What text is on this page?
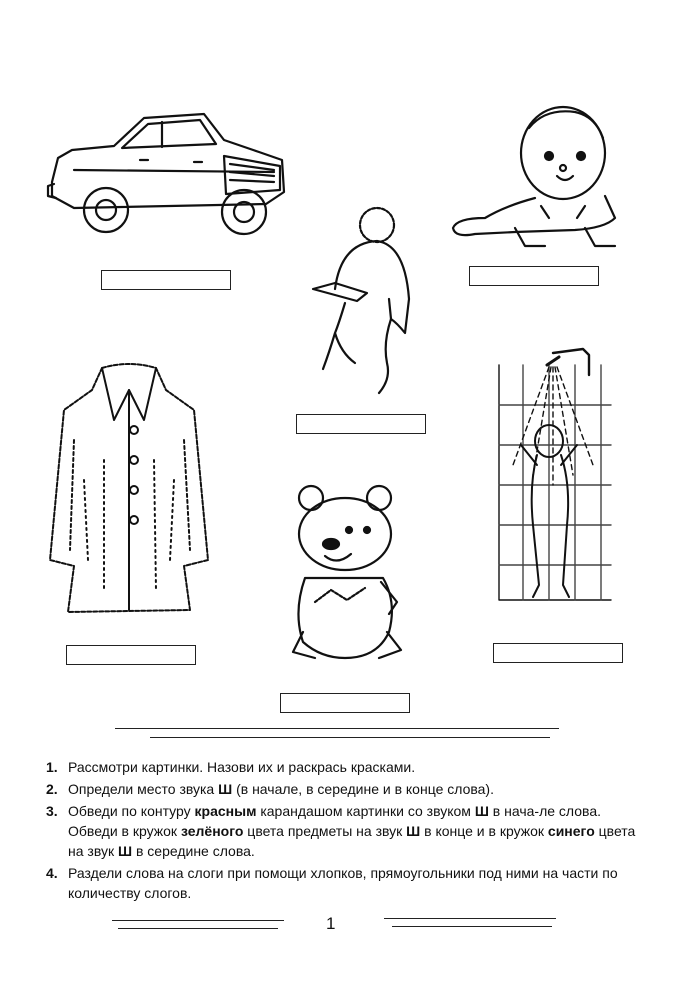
1. Рассмотри картинки. Назови их и раскрась красками.
2. Определи место звука Ш (в начале, в середине и в конце слова).
3. Обведи по контуру красным карандашом картинки со звуком Ш в нача-ле слова. Обведи в кружок зелёного цвета предметы на звук Ш в конце и в кружок синего цвета на звук Ш в середине слова.
4. Раздели слова на слоги при помощи хлопков, прямоугольники под ними на части по количеству слогов.
1
